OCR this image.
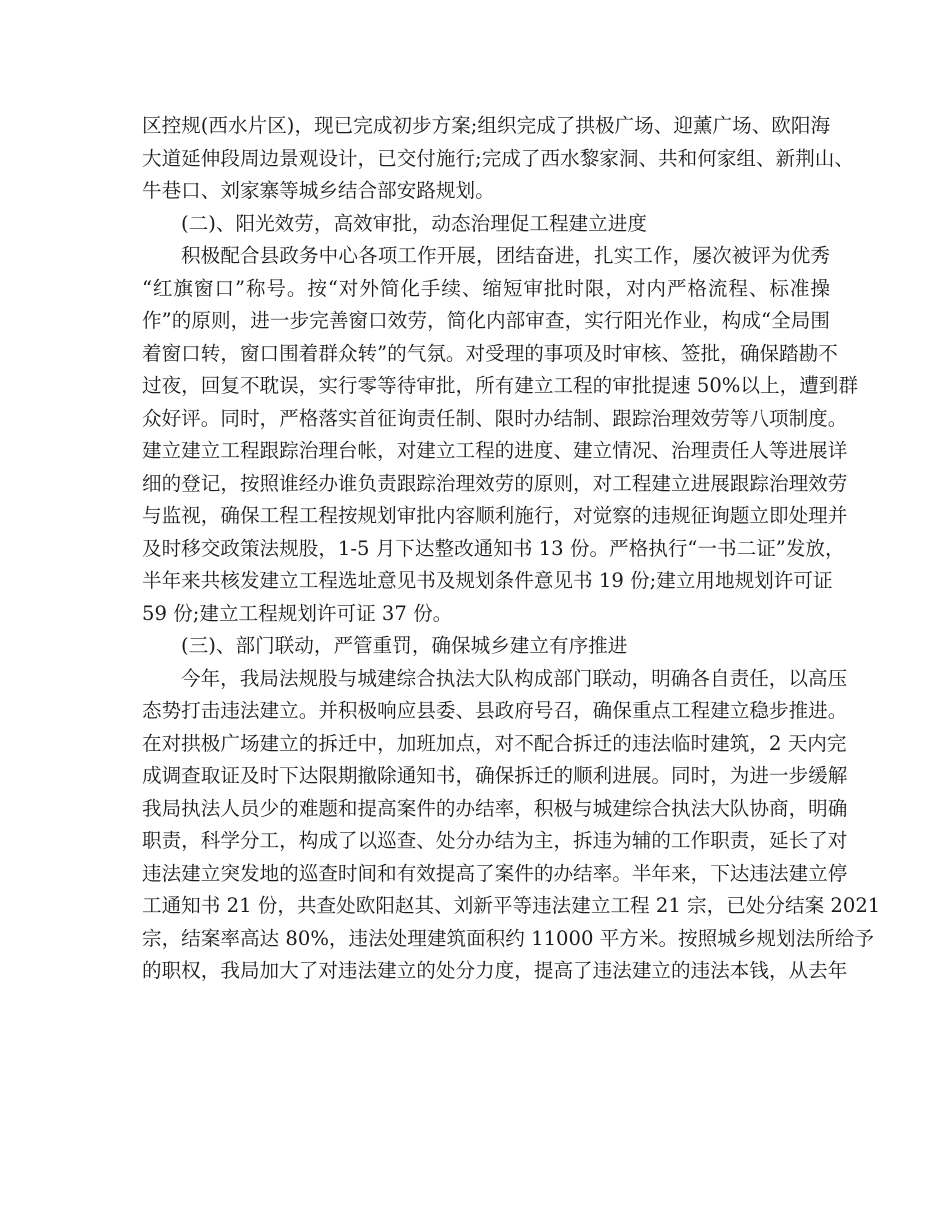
区控规(西水片区)，现已完成初步方案;组织完成了拱极广场、迎薰广场、欧阳海
大道延伸段周边景观设计，已交付施行;完成了西水黎家洞、共和何家组、新荆山、
牛巷口、刘家寨等城乡结合部安路规划。
(二)、阳光效劳，高效审批，动态治理促工程建立进度
积极配合县政务中心各项工作开展，团结奋进，扎实工作，屡次被评为优秀
“红旗窗口”称号。按“对外简化手续、缩短审批时限，对内严格流程、标准操
作”的原则，进一步完善窗口效劳，简化内部审查，实行阳光作业，构成“全局围
着窗口转，窗口围着群众转”的气氛。对受理的事项及时审核、签批，确保踏勘不
过夜，回复不耽误，实行零等待审批，所有建立工程的审批提速 50%以上，遭到群
众好评。同时，严格落实首征询责任制、限时办结制、跟踪治理效劳等八项制度。
建立建立工程跟踪治理台帐，对建立工程的进度、建立情况、治理责任人等进展详
细的登记，按照谁经办谁负责跟踪治理效劳的原则，对工程建立进展跟踪治理效劳
与监视，确保工程工程按规划审批内容顺利施行，对觉察的违规征询题立即处理并
及时移交政策法规股，1-5 月下达整改通知书 13 份。严格执行“一书二证”发放，
半年来共核发建立工程选址意见书及规划条件意见书 19 份;建立用地规划许可证
59 份;建立工程规划许可证 37 份。
(三)、部门联动，严管重罚，确保城乡建立有序推进
今年，我局法规股与城建综合执法大队构成部门联动，明确各自责任，以高压
态势打击违法建立。并积极响应县委、县政府号召，确保重点工程建立稳步推进。
在对拱极广场建立的拆迁中，加班加点，对不配合拆迁的违法临时建筑，2 天内完
成调查取证及时下达限期撤除通知书，确保拆迁的顺利进展。同时，为进一步缓解
我局执法人员少的难题和提高案件的办结率，积极与城建综合执法大队协商，明确
职责，科学分工，构成了以巡查、处分办结为主，拆违为辅的工作职责，延长了对
违法建立突发地的巡查时间和有效提高了案件的办结率。半年来，下达违法建立停
工通知书 21 份，共查处欧阳赵其、刘新平等违法建立工程 21 宗，已处分结案 2021
宗，结案率高达 80%，违法处理建筑面积约 11000 平方米。按照城乡规划法所给予
的职权，我局加大了对违法建立的处分力度，提高了违法建立的违法本钱，从去年
